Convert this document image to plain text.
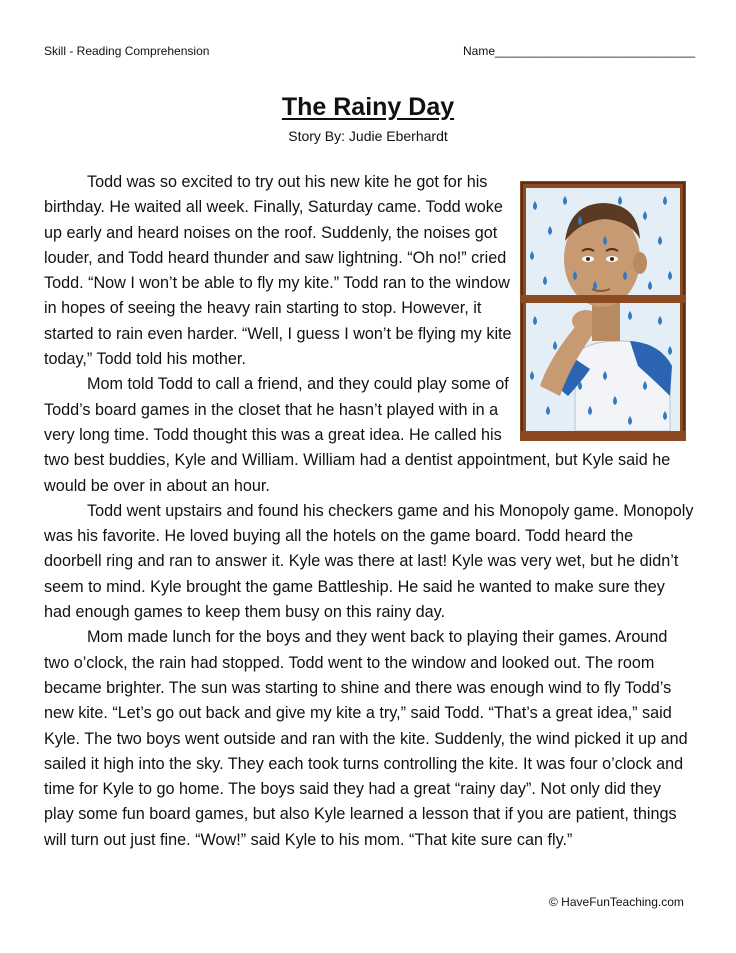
Skill - Reading Comprehension	Name______________________________
The Rainy Day
Story By: Judie Eberhardt

Todd was so excited to try out his new kite he got for his birthday. He waited all week. Finally, Saturday came. Todd woke up early and heard noises on the roof. Suddenly, the noises got louder, and Todd heard thunder and saw lightning. “Oh no!” cried Todd. “Now I won’t be able to fly my kite.” Todd ran to the window in hopes of seeing the heavy rain starting to stop. However, it started to rain even harder. “Well, I guess I won’t be flying my kite today,” Todd told his mother.

Mom told Todd to call a friend, and they could play some of Todd’s board games in the closet that he hasn’t played with in a very long time. Todd thought this was a great idea. He called his two best buddies, Kyle and William. William had a dentist appointment, but Kyle said he would be over in about an hour.

Todd went upstairs and found his checkers game and his Monopoly game. Monopoly was his favorite. He loved buying all the hotels on the game board. Todd heard the doorbell ring and ran to answer it. Kyle was there at last! Kyle was very wet, but he didn’t seem to mind. Kyle brought the game Battleship. He said he wanted to make sure they had enough games to keep them busy on this rainy day.

Mom made lunch for the boys and they went back to playing their games. Around two o’clock, the rain had stopped. Todd went to the window and looked out. The room became brighter. The sun was starting to shine and there was enough wind to fly Todd’s new kite. “Let’s go out back and give my kite a try,” said Todd. “That’s a great idea,” said Kyle. The two boys went outside and ran with the kite. Suddenly, the wind picked it up and sailed it high into the sky. They each took turns controlling the kite. It was four o’clock and time for Kyle to go home. The boys said they had a great “rainy day”. Not only did they play some fun board games, but also Kyle learned a lesson that if you are patient, things will turn out just fine. “Wow!” said Kyle to his mom. “That kite sure can fly.”

© HaveFunTeaching.com
